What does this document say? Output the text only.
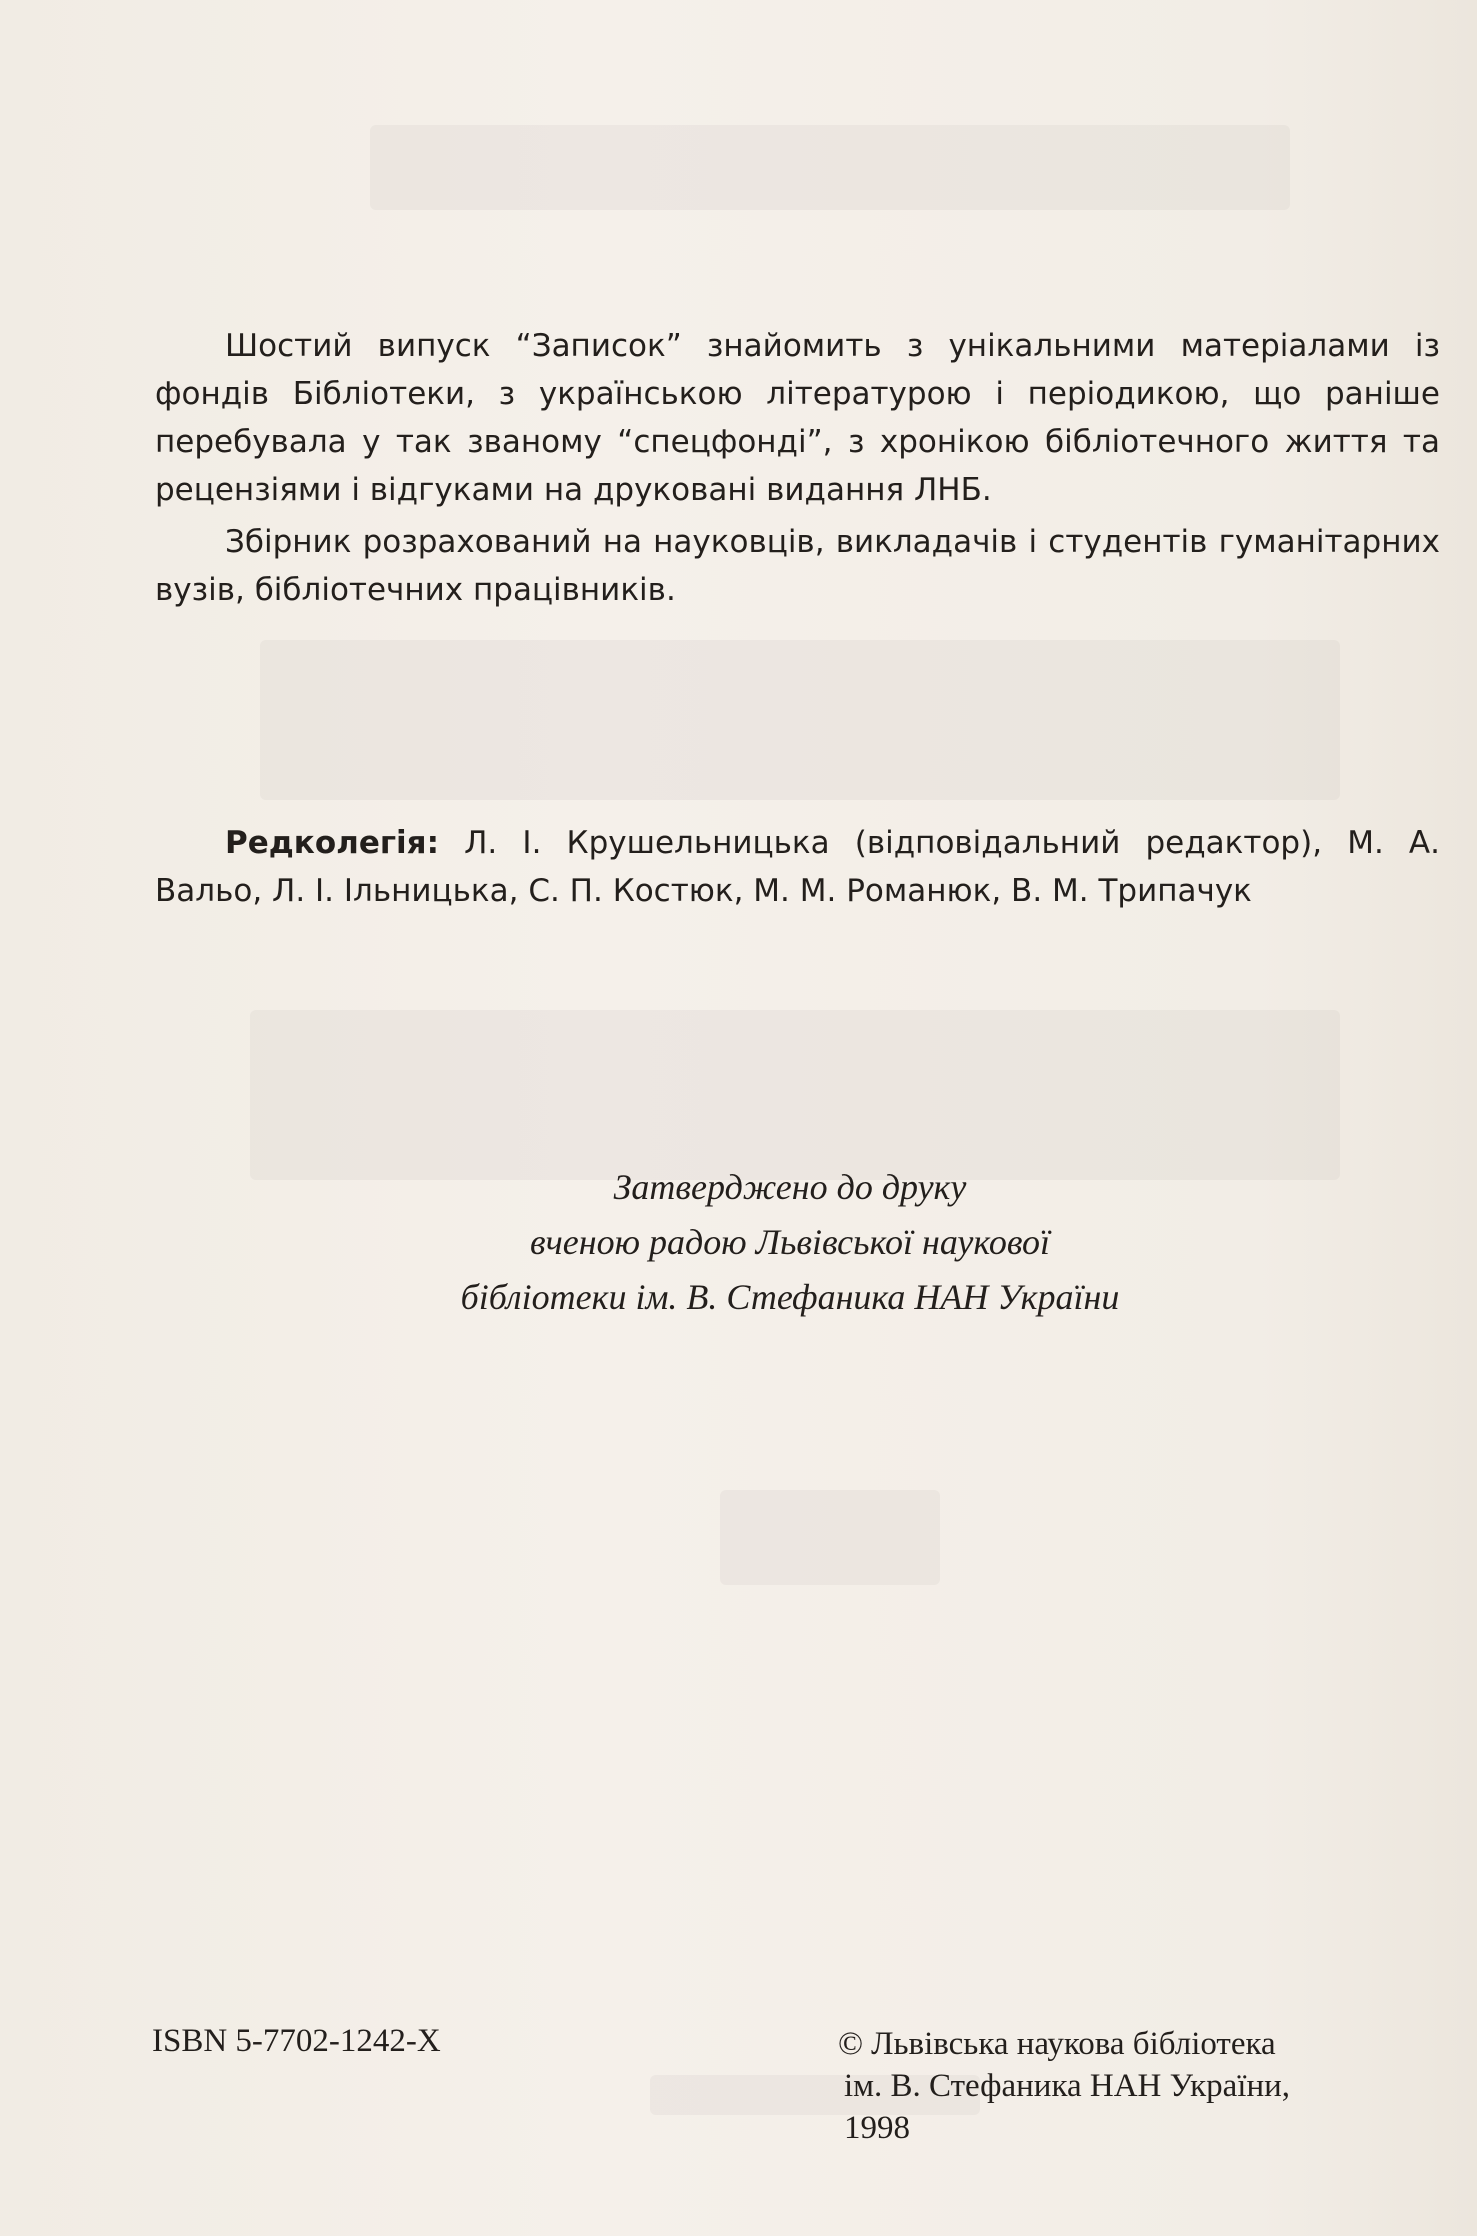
Шостий випуск “Записок” знайомить з унікальними матеріалами із фондів Бібліотеки, з українською літературою і періодикою, що раніше перебувала у так званому “спецфонді”, з хронікою бібліотечного життя та рецензіями і відгуками на друковані видання ЛНБ.

Збірник розрахований на науковців, викладачів і студентів гуманітарних вузів, бібліотечних працівників.

Редколегія: Л. І. Крушельницька (відповідальний редактор), М. А. Вальо, Л. І. Ільницька, С. П. Костюк, М. М. Романюк, В. М. Трипачук
Затверджено до друку
вченою радою Львівської наукової
бібліотеки ім. В. Стефаника НАН України
ISBN 5-7702-1242-X	© Львівська наукова бібліотека
ім. В. Стефаника НАН України,
1998
